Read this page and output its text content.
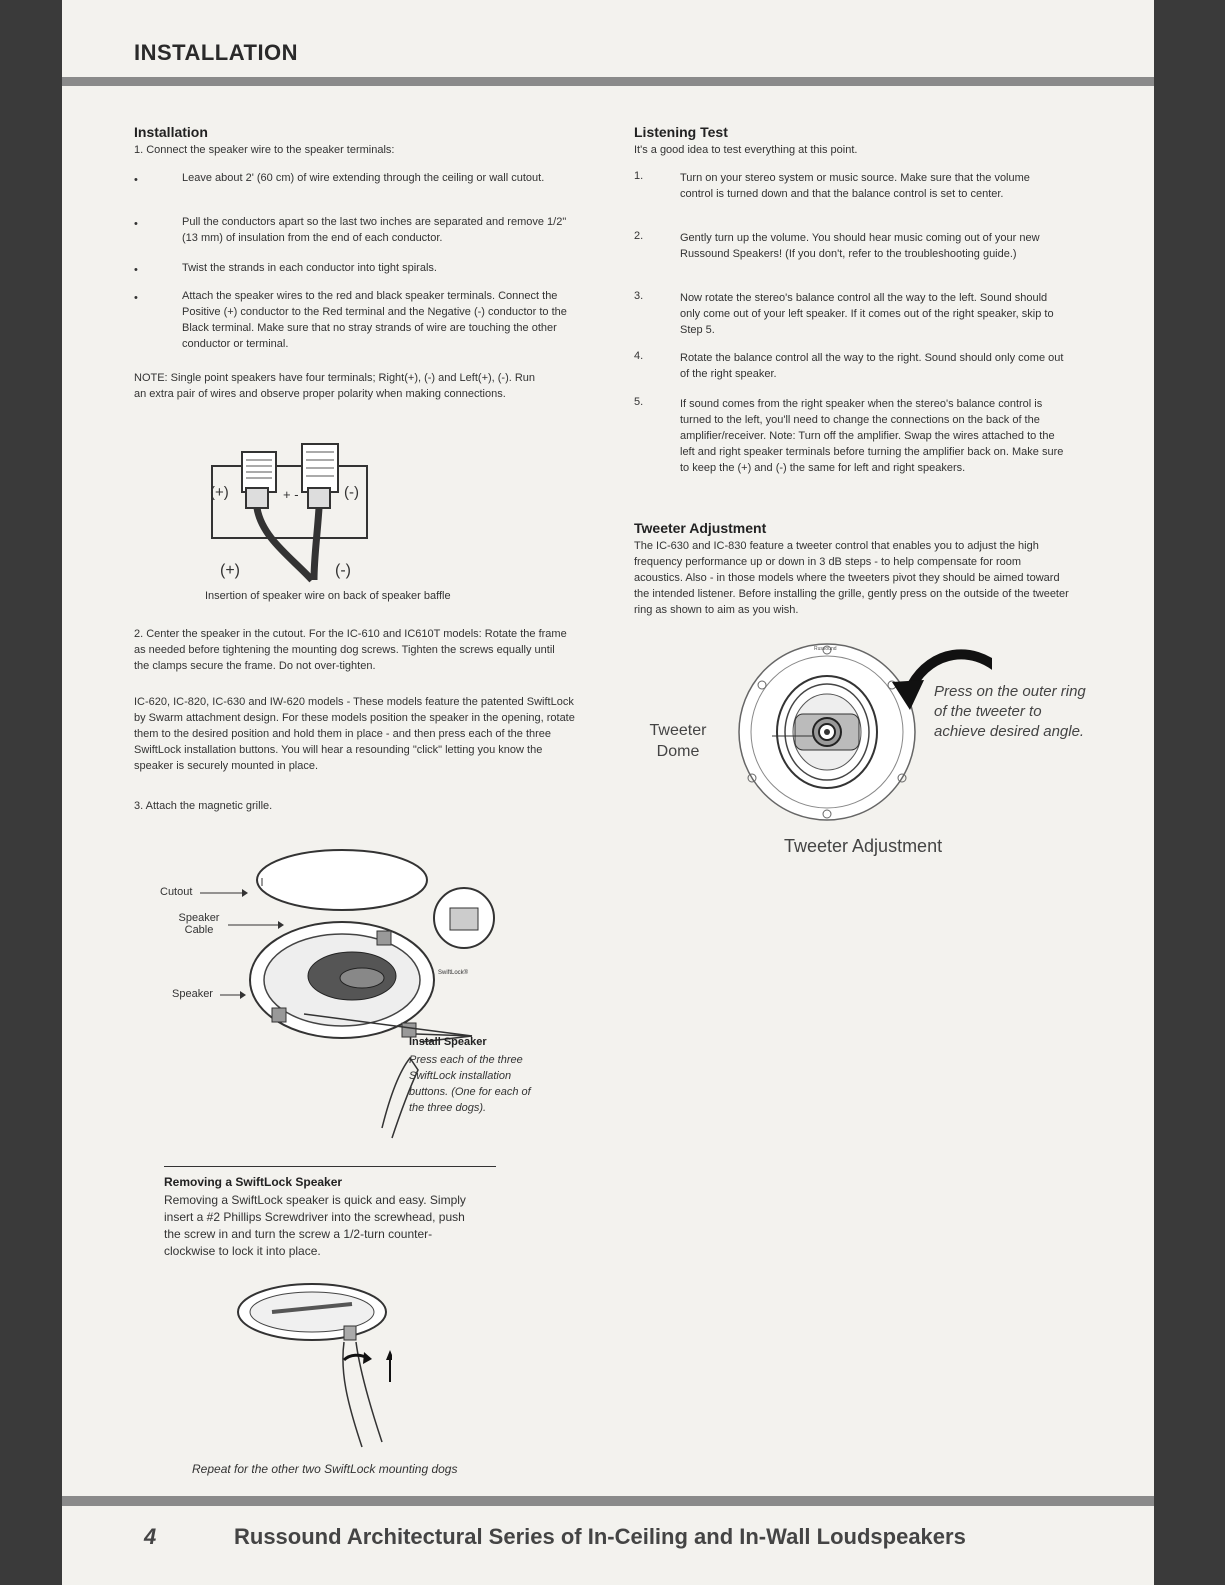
INSTALLATION
Installation
1. Connect the speaker wire to the speaker terminals:
•	Leave about 2' (60 cm) of wire extending through the ceiling or wall cutout.
•	Pull the conductors apart so the last two inches are separated and remove 1/2" (13 mm) of insulation from the end of each conductor.
•	Twist the strands in each conductor into tight spirals.
•	Attach the speaker wires to the red and black speaker terminals. Connect the Positive (+) conductor to the Red terminal and the Negative (-) conductor to the Black terminal. Make sure that no stray strands of wire are touching the other conductor or terminal.
NOTE: Single point speakers have four terminals; Right(+), (-) and Left(+), (-). Run an extra pair of wires and observe proper polarity when making connections.
(+)	+ -	(-)
(+)	(-)
Insertion of speaker wire on back of speaker baffle
2. Center the speaker in the cutout. For the IC-610 and IC610T models: Rotate the frame as needed before tightening the mounting dog screws. Tighten the screws equally until the clamps secure the frame. Do not over-tighten.
IC-620, IC-820, IC-630 and IW-620 models - These models feature the patented SwiftLock by Swarm attachment design. For these models position the speaker in the opening, rotate them to the desired position and hold them in place - and then press each of the three SwiftLock installation buttons. You will hear a resounding "click" letting you know the speaker is securely mounted in place.
3. Attach the magnetic grille.
Cutout
Speaker Cable
Speaker
SwiftLock®
Install Speaker
Press each of the three SwiftLock installation buttons. (One for each of the three dogs).
Removing a SwiftLock Speaker
Removing a SwiftLock speaker is quick and easy. Simply insert a #2 Phillips Screwdriver into the screwhead, push the screw in and turn the screw a 1/2-turn counter-clockwise to lock it into place.
Repeat for the other two SwiftLock mounting dogs
Listening Test
It's a good idea to test everything at this point.
1.	Turn on your stereo system or music source. Make sure that the volume control is turned down and that the balance control is set to center.
2.	Gently turn up the volume. You should hear music coming out of your new Russound Speakers! (If you don't, refer to the troubleshooting guide.)
3.	Now rotate the stereo's balance control all the way to the left. Sound should only come out of your left speaker. If it comes out of the right speaker, skip to Step 5.
4.	Rotate the balance control all the way to the right. Sound should only come out of the right speaker.
5.	If sound comes from the right speaker when the stereo's balance control is turned to the left, you'll need to change the connections on the back of the amplifier/receiver. Note: Turn off the amplifier. Swap the wires attached to the left and right speaker terminals before turning the amplifier back on. Make sure to keep the (+) and (-) the same for left and right speakers.
Tweeter Adjustment
The IC-630 and IC-830 feature a tweeter control that enables you to adjust the high frequency performance up or down in 3 dB steps - to help compensate for room acoustics. Also - in those models where the tweeters pivot they should be aimed toward the intended listener. Before installing the grille, gently press on the outside of the tweeter ring as shown to aim as you wish.
Tweeter Dome
Press on the outer ring of the tweeter to achieve desired angle.
Russound
Tweeter Adjustment
4	Russound Architectural Series of In-Ceiling and In-Wall Loudspeakers
